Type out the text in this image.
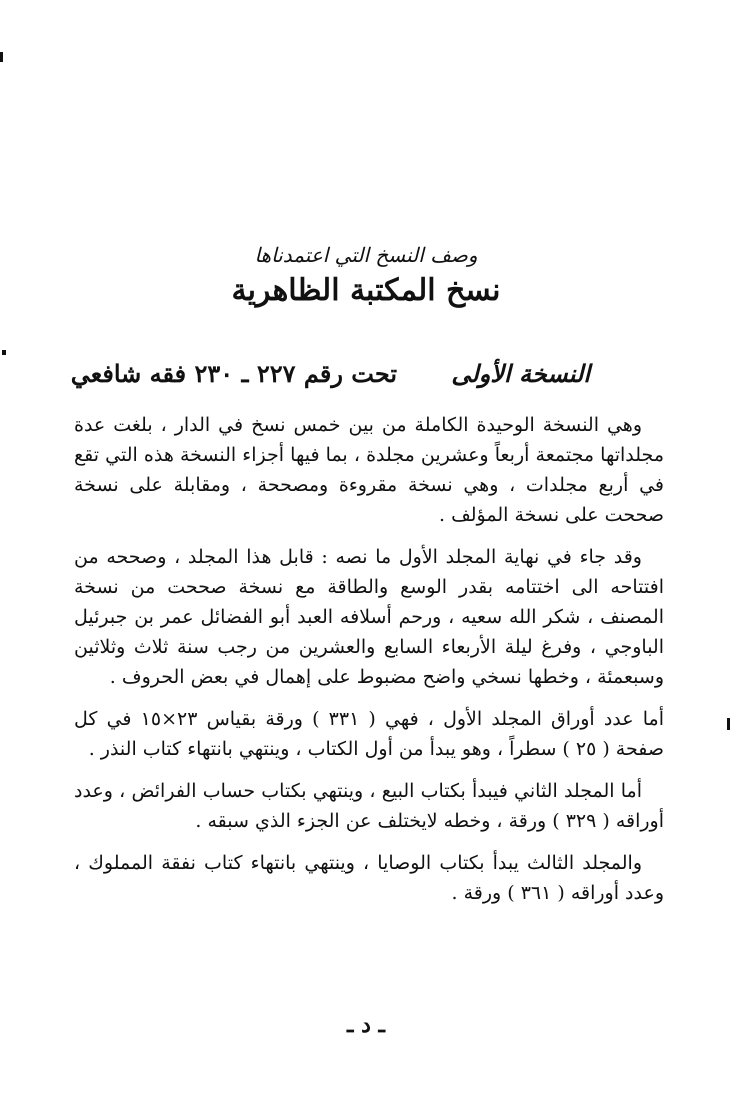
وصف النسخ التي اعتمدناها
نسخ المكتبة الظاهرية
النسخة الأولى تحت رقم ٢٢٧ ـ ٢٣٠ فقه شافعي

وهي النسخة الوحيدة الكاملة من بين خمس نسخ في الدار ، بلغت عدة مجلداتها مجتمعة أربعاً وعشرين مجلدة ، بما فيها أجزاء النسخة هذه التي تقع في أربع مجلدات ، وهي نسخة مقروءة ومصححة ، ومقابلة على نسخة صححت على نسخة المؤلف .

وقد جاء في نهاية المجلد الأول ما نصه : قابل هذا المجلد ، وصححه من افتتاحه الى اختتامه بقدر الوسع والطاقة مع نسخة صححت من نسخة المصنف ، شكر الله سعيه ، ورحم أسلافه العبد أبو الفضائل عمر بن جبرئيل الباوجي ، وفرغ ليلة الأربعاء السابع والعشرين من رجب سنة ثلاث وثلاثين وسبعمئة ، وخطها نسخي واضح مضبوط على إهمال في بعض الحروف .

أما عدد أوراق المجلد الأول ، فهي ( ٣٣١ ) ورقة بقياس ٢٣×١٥ في كل صفحة ( ٢٥ ) سطراً ، وهو يبدأ من أول الكتاب ، وينتهي بانتهاء كتاب النذر .

أما المجلد الثاني فيبدأ بكتاب البيع ، وينتهي بكتاب حساب الفرائض ، وعدد أوراقه ( ٣٢٩ ) ورقة ، وخطه لايختلف عن الجزء الذي سبقه .

والمجلد الثالث يبدأ بكتاب الوصايا ، وينتهي بانتهاء كتاب نفقة المملوك ، وعدد أوراقه ( ٣٦١ ) ورقة .

ـ د ـ
